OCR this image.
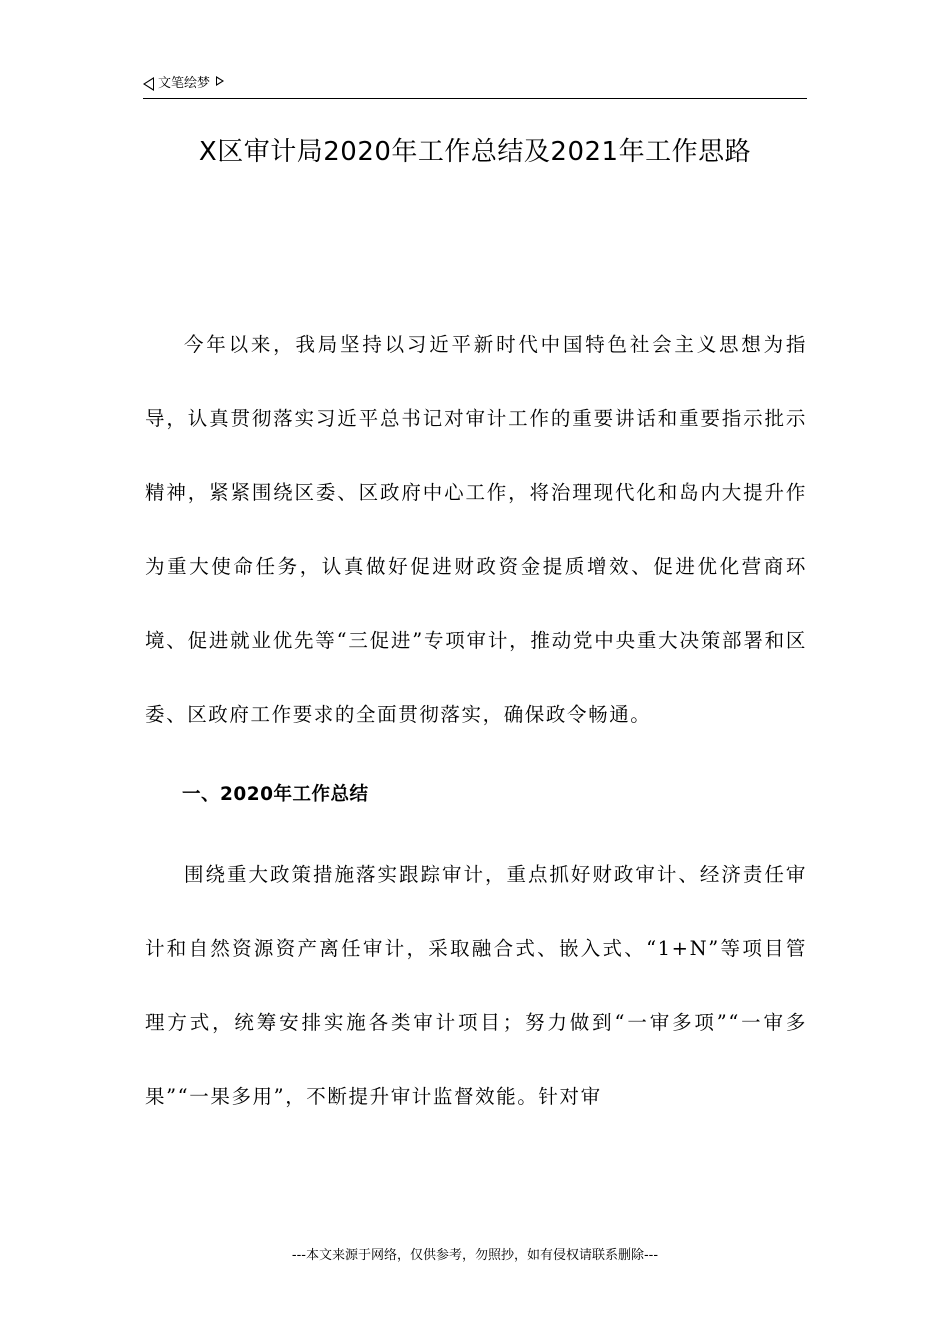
文笔绘梦
X区审计局2020年工作总结及2021年工作思路

今年以来，我局坚持以习近平新时代中国特色社会主义思想为指导，认真贯彻落实习近平总书记对审计工作的重要讲话和重要指示批示精神，紧紧围绕区委、区政府中心工作，将治理现代化和岛内大提升作为重大使命任务，认真做好促进财政资金提质增效、促进优化营商环境、促进就业优先等“三促进”专项审计，推动党中央重大决策部署和区委、区政府工作要求的全面贯彻落实，确保政令畅通。

一、2020年工作总结

围绕重大政策措施落实跟踪审计，重点抓好财政审计、经济责任审计和自然资源资产离任审计，采取融合式、嵌入式、“1+N”等项目管理方式，统筹安排实施各类审计项目；努力做到“一审多项”“一审多果”“一果多用”，不断提升审计监督效能。针对审

---本文来源于网络，仅供参考，勿照抄，如有侵权请联系删除---
